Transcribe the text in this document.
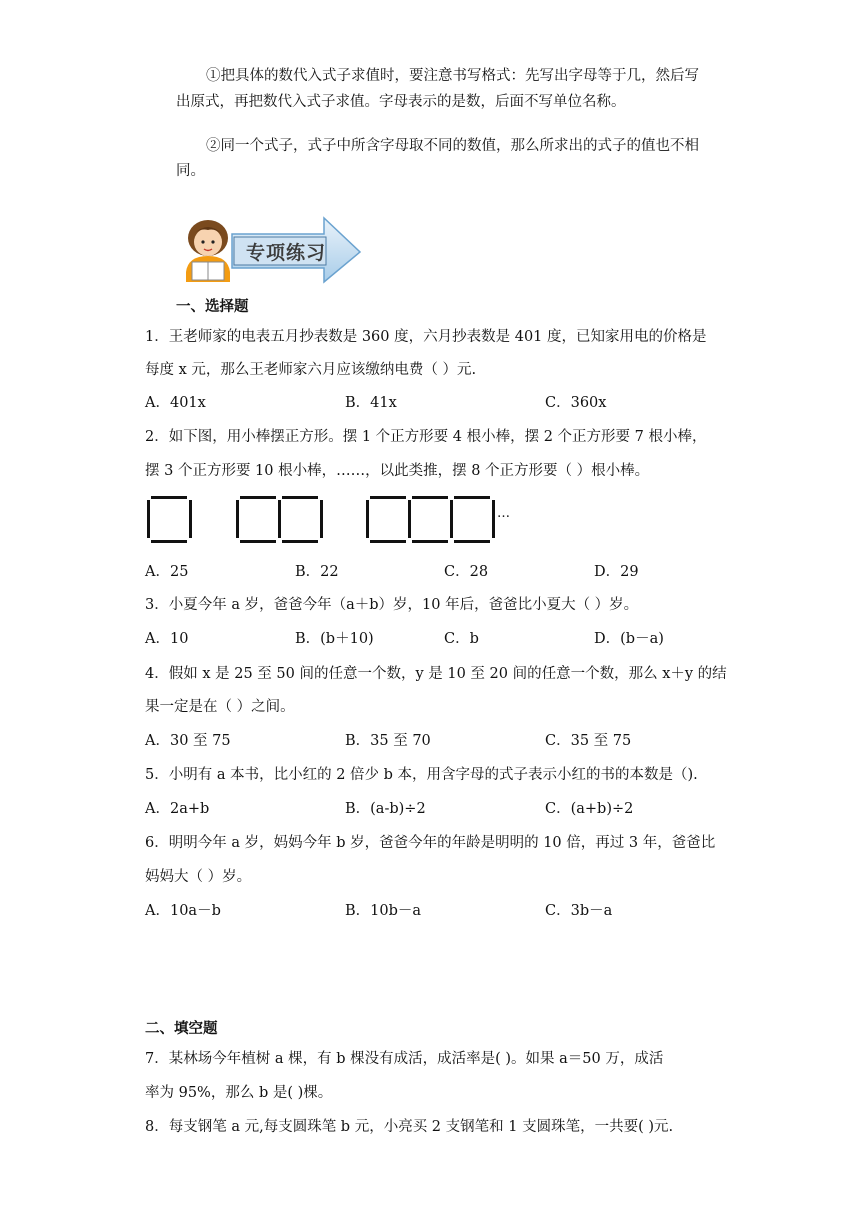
①把具体的数代入式子求值时，要注意书写格式：先写出字母等于几，然后写
出原式，再把数代入式子求值。字母表示的是数，后面不写单位名称。
②同一个式子，式子中所含字母取不同的数值，那么所求出的式子的值也不相
同。
专项练习
一、选择题
1．王老师家的电表五月抄表数是 360 度，六月抄表数是 401 度，已知家用电的价格是
每度 x 元，那么王老师家六月应该缴纳电费（ ）元.
A．401x	B．41x	C．360x
2．如下图，用小棒摆正方形。摆 1 个正方形要 4 根小棒，摆 2 个正方形要 7 根小棒，
摆 3 个正方形要 10 根小棒，……，以此类推，摆 8 个正方形要（ ）根小棒。
…
A．25	B．22	C．28	D．29
3．小夏今年 a 岁，爸爸今年（a＋b）岁，10 年后，爸爸比小夏大（ ）岁。
A．10	B．(b＋10)	C．b	D．(b－a)
4．假如 x 是 25 至 50 间的任意一个数，y 是 10 至 20 间的任意一个数，那么 x＋y 的结
果一定是在（ ）之间。
A．30 至 75	B．35 至 70	C．35 至 75
5．小明有 a 本书，比小红的 2 倍少 b 本，用含字母的式子表示小红的书的本数是（).
A．2a+b	B．(a-b)÷2	C．(a+b)÷2
6．明明今年 a 岁，妈妈今年 b 岁，爸爸今年的年龄是明明的 10 倍，再过 3 年，爸爸比
妈妈大（ ）岁。
A．10a－b	B．10b－a	C．3b－a
二、填空题
7．某林场今年植树 a 棵，有 b 棵没有成活，成活率是( )。如果 a＝50 万，成活
率为 95%，那么 b 是( )棵。
8．每支钢笔 a 元,每支圆珠笔 b 元，小亮买 2 支钢笔和 1 支圆珠笔，一共要( )元.
